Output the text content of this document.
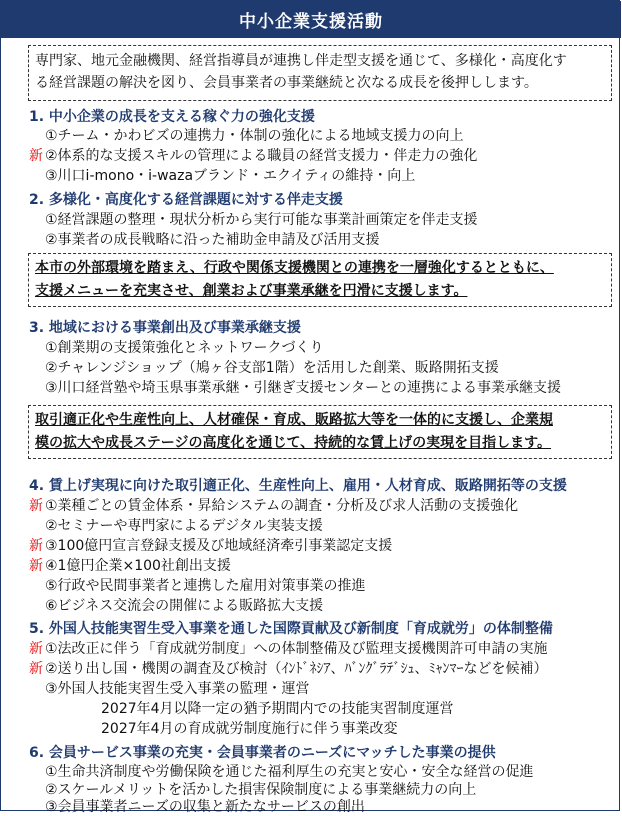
中小企業支援活動
専門家、地元金融機関、経営指導員が連携し伴走型支援を通じて、多様化・高度化す
る経営課題の解決を図り、会員事業者の事業継続と次なる成長を後押しします。
1. 中小企業の成長を支える稼ぐ力の強化支援
①チーム・かわビズの連携力・体制の強化による地域支援力の向上
新 ②体系的な支援スキルの管理による職員の経営支援力・伴走力の強化
③川口i-mono・i-wazaブランド・エクイティの維持・向上
2. 多様化・高度化する経営課題に対する伴走支援
①経営課題の整理・現状分析から実行可能な事業計画策定を伴走支援
②事業者の成長戦略に沿った補助金申請及び活用支援
本市の外部環境を踏まえ、行政や関係支援機関との連携を一層強化するとともに、
支援メニューを充実させ、創業および事業承継を円滑に支援します。
3. 地域における事業創出及び事業承継支援
①創業期の支援策強化とネットワークづくり
②チャレンジショップ（鳩ヶ谷支部1階）を活用した創業、販路開拓支援
③川口経営塾や埼玉県事業承継・引継ぎ支援センターとの連携による事業承継支援
取引適正化や生産性向上、人材確保・育成、販路拡大等を一体的に支援し、企業規
模の拡大や成長ステージの高度化を通じて、持続的な賃上げの実現を目指します。
4. 賃上げ実現に向けた取引適正化、生産性向上、雇用・人材育成、販路開拓等の支援
新 ①業種ごとの賃金体系・昇給システムの調査・分析及び求人活動の支援強化
②セミナーや専門家によるデジタル実装支援
新 ③100億円宣言登録支援及び地域経済牽引事業認定支援
新 ④1億円企業×100社創出支援
⑤行政や民間事業者と連携した雇用対策事業の推進
⑥ビジネス交流会の開催による販路拡大支援
5. 外国人技能実習生受入事業を通した国際貢献及び新制度「育成就労」の体制整備
新 ①法改正に伴う「育成就労制度」への体制整備及び監理支援機関許可申請の実施
新 ②送り出し国・機関の調査及び検討（ｲﾝﾄﾞﾈｼｱ、ﾊﾞﾝｸﾞﾗﾃﾞｼｭ、ﾐｬﾝﾏｰなどを候補）
③外国人技能実習生受入事業の監理・運営
2027年4月以降一定の猶予期間内での技能実習制度運営
2027年4月の育成就労制度施行に伴う事業改変
6. 会員サービス事業の充実・会員事業者のニーズにマッチした事業の提供
①生命共済制度や労働保険を通じた福利厚生の充実と安心・安全な経営の促進
②スケールメリットを活かした損害保険制度による事業継続力の向上
③会員事業者ニーズの収集と新たなサービスの創出
